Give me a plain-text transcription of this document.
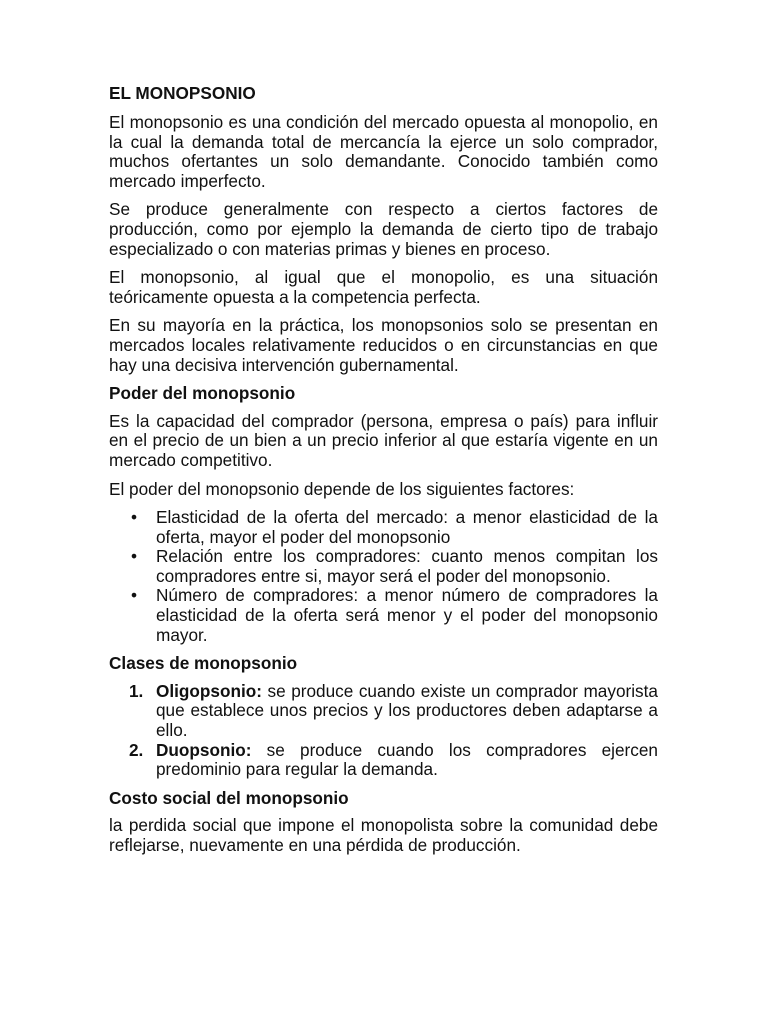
EL MONOPSONIO

El monopsonio es una condición del mercado opuesta al monopolio, en la cual la demanda total de mercancía la ejerce un solo comprador, muchos ofertantes un solo demandante. Conocido también como mercado imperfecto.

Se produce generalmente con respecto a ciertos factores de producción, como por ejemplo la demanda de cierto tipo de trabajo especializado o con materias primas y bienes en proceso.

El monopsonio, al igual que el monopolio, es una situación teóricamente opuesta a la competencia perfecta.

En su mayoría en la práctica, los monopsonios solo se presentan en mercados locales relativamente reducidos o en circunstancias en que hay una decisiva intervención gubernamental.

Poder del monopsonio

Es la capacidad del comprador (persona, empresa o país) para influir en el precio de un bien a un precio inferior al que estaría vigente en un mercado competitivo.

El poder del monopsonio depende de los siguientes factores:

• Elasticidad de la oferta del mercado: a menor elasticidad de la oferta, mayor el poder del monopsonio
• Relación entre los compradores: cuanto menos compitan los compradores entre si, mayor será el poder del monopsonio.
• Número de compradores: a menor número de compradores la elasticidad de la oferta será menor y el poder del monopsonio mayor.
Clases de monopsonio
1. Oligopsonio: se produce cuando existe un comprador mayorista que establece unos precios y los productores deben adaptarse a ello.
2. Duopsonio: se produce cuando los compradores ejercen predominio para regular la demanda.
Costo social del monopsonio

la perdida social que impone el monopolista sobre la comunidad debe reflejarse, nuevamente en una pérdida de producción.
